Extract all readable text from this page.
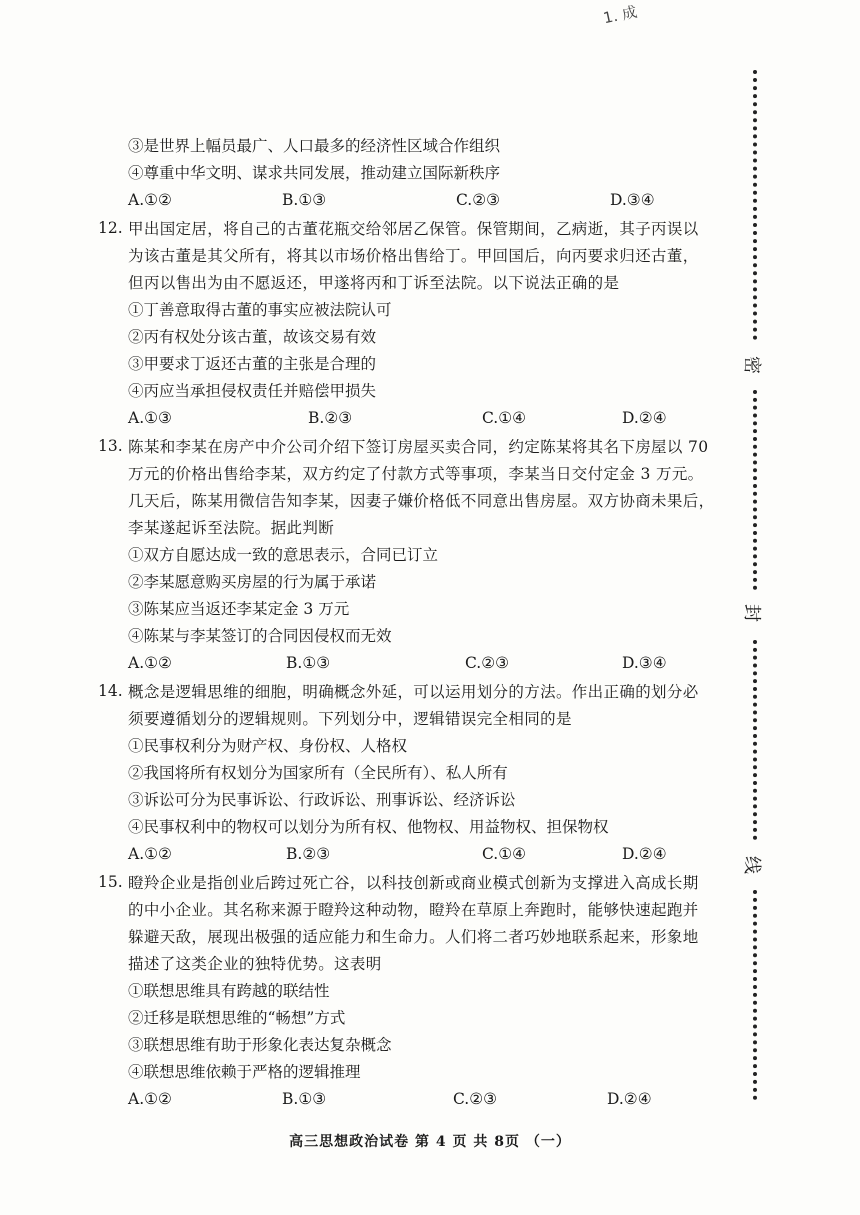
1. 成
③是世界上幅员最广、人口最多的经济性区域合作组织
④尊重中华文明、谋求共同发展，推动建立国际新秩序
A.①②	B.①③	C.②③	D.③④
12. 甲出国定居，将自己的古董花瓶交给邻居乙保管。保管期间，乙病逝，其子丙误以
为该古董是其父所有，将其以市场价格出售给丁。甲回国后，向丙要求归还古董，
但丙以售出为由不愿返还，甲遂将丙和丁诉至法院。以下说法正确的是
①丁善意取得古董的事实应被法院认可
②丙有权处分该古董，故该交易有效
③甲要求丁返还古董的主张是合理的
④丙应当承担侵权责任并赔偿甲损失
A.①③	B.②③	C.①④	D.②④
13. 陈某和李某在房产中介公司介绍下签订房屋买卖合同，约定陈某将其名下房屋以 70
万元的价格出售给李某，双方约定了付款方式等事项，李某当日交付定金 3 万元。
几天后，陈某用微信告知李某，因妻子嫌价格低不同意出售房屋。双方协商未果后，
李某遂起诉至法院。据此判断
①双方自愿达成一致的意思表示，合同已订立
②李某愿意购买房屋的行为属于承诺
③陈某应当返还李某定金 3 万元
④陈某与李某签订的合同因侵权而无效
A.①②	B.①③	C.②③	D.③④
14. 概念是逻辑思维的细胞，明确概念外延，可以运用划分的方法。作出正确的划分必
须要遵循划分的逻辑规则。下列划分中，逻辑错误完全相同的是
①民事权利分为财产权、身份权、人格权
②我国将所有权划分为国家所有（全民所有）、私人所有
③诉讼可分为民事诉讼、行政诉讼、刑事诉讼、经济诉讼
④民事权利中的物权可以划分为所有权、他物权、用益物权、担保物权
A.①②	B.②③	C.①④	D.②④
15. 瞪羚企业是指创业后跨过死亡谷，以科技创新或商业模式创新为支撑进入高成长期
的中小企业。其名称来源于瞪羚这种动物，瞪羚在草原上奔跑时，能够快速起跑并
躲避天敌，展现出极强的适应能力和生命力。人们将二者巧妙地联系起来，形象地
描述了这类企业的独特优势。这表明
①联想思维具有跨越的联结性
②迁移是联想思维的“畅想”方式
③联想思维有助于形象化表达复杂概念
④联想思维依赖于严格的逻辑推理
A.①②	B.①③	C.②③	D.②④
密
封
线
高三思想政治试卷 第 4 页 共 8页 （一）
